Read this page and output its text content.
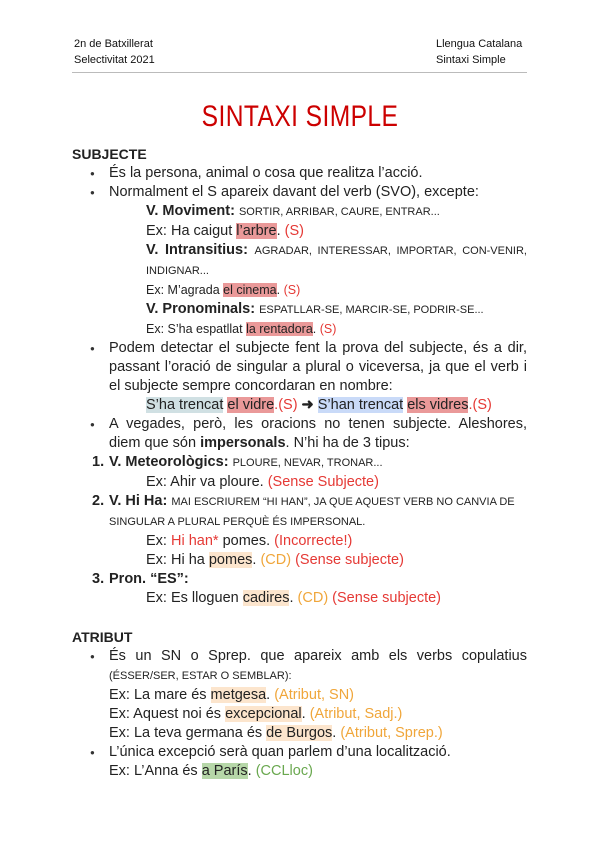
2n de Batxillerat
Selectivitat 2021
Llengua Catalana
Sintaxi Simple
SINTAXI SIMPLE

SUBJECTE

● És la persona, animal o cosa que realitza l’acció.

● Normalment el S apareix davant del verb (SVO), excepte:

V. Moviment: SORTIR, ARRIBAR, CAURE, ENTRAR...

Ex: Ha caigut l’arbre. (S)

V. Intransitius: AGRADAR, INTERESSAR, IMPORTAR, CON-VENIR, INDIGNAR...

Ex: M’agrada el cinema. (S)

V. Pronominals: ESPATLLAR-SE, MARCIR-SE, PODRIR-SE...

Ex: S’ha espatllat la rentadora. (S)

● Podem detectar el subjecte fent la prova del subjecte, és a dir, passant l’oració de singular a plural o viceversa, ja que el verb i el subjecte sempre concordaran en nombre:

S’ha trencat el vidre.(S) ➜ S’han trencat els vidres.(S)

● A vegades, però, les oracions no tenen subjecte. Aleshores, diem que són impersonals. N’hi ha de 3 tipus:

1. V. Meteorològics: PLOURE, NEVAR, TRONAR...

Ex: Ahir va ploure. (Sense Subjecte)

2. V. Hi Ha: MAI ESCRIUREM “HI HAN”, JA QUE AQUEST VERB NO CANVIA DE SINGULAR A PLURAL PERQUÈ ÉS IMPERSONAL.

Ex: Hi han* pomes. (Incorrecte!)

Ex: Hi ha pomes. (CD) (Sense subjecte)

3. Pron. “ES”:

Ex: Es lloguen cadires. (CD) (Sense subjecte)

ATRIBUT

● És un SN o Sprep. que apareix amb els verbs copulatius (ÉSSER/SER, ESTAR O SEMBLAR):

Ex: La mare és metgesa. (Atribut, SN)

Ex: Aquest noi és excepcional. (Atribut, Sadj.)

Ex: La teva germana és de Burgos. (Atribut, Sprep.)

● L’única excepció serà quan parlem d’una localització.

Ex: L’Anna és a París. (CCLloc)
